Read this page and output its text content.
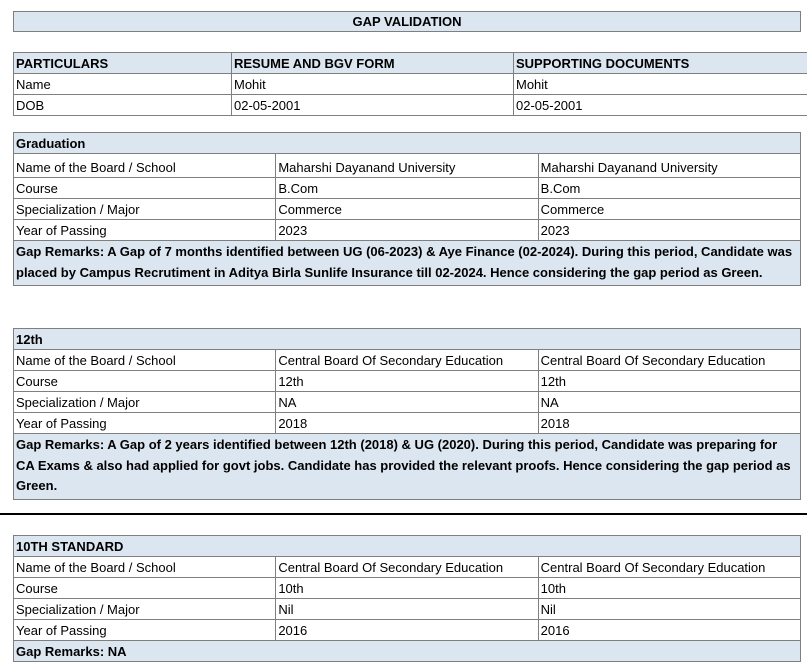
GAP VALIDATION
PARTICULARS	RESUME AND BGV FORM	SUPPORTING DOCUMENTS
Name	Mohit	Mohit
DOB	02-05-2001	02-05-2001
Graduation		
Name of the Board / School	Maharshi Dayanand University	Maharshi Dayanand University
Course	B.Com	B.Com
Specialization / Major	Commerce	Commerce
Year of Passing	2023	2023
Gap Remarks: A Gap of 7 months identified between UG (06-2023) & Aye Finance (02-2024). During this period, Candidate was placed by Campus Recrutiment in Aditya Birla Sunlife Insurance till 02-2024. Hence considering the gap period as Green.		
12th		
Name of the Board / School	Central Board Of Secondary Education	Central Board Of Secondary Education
Course	12th	12th
Specialization / Major	NA	NA
Year of Passing	2018	2018
Gap Remarks: A Gap of 2 years identified between 12th (2018) & UG (2020). During this period, Candidate was preparing for CA Exams & also had applied for govt jobs. Candidate has provided the relevant proofs. Hence considering the gap period as Green.		
10TH STANDARD		
Name of the Board / School	Central Board Of Secondary Education	Central Board Of Secondary Education
Course	10th	10th
Specialization / Major	Nil	Nil
Year of Passing	2016	2016
Gap Remarks: NA		
